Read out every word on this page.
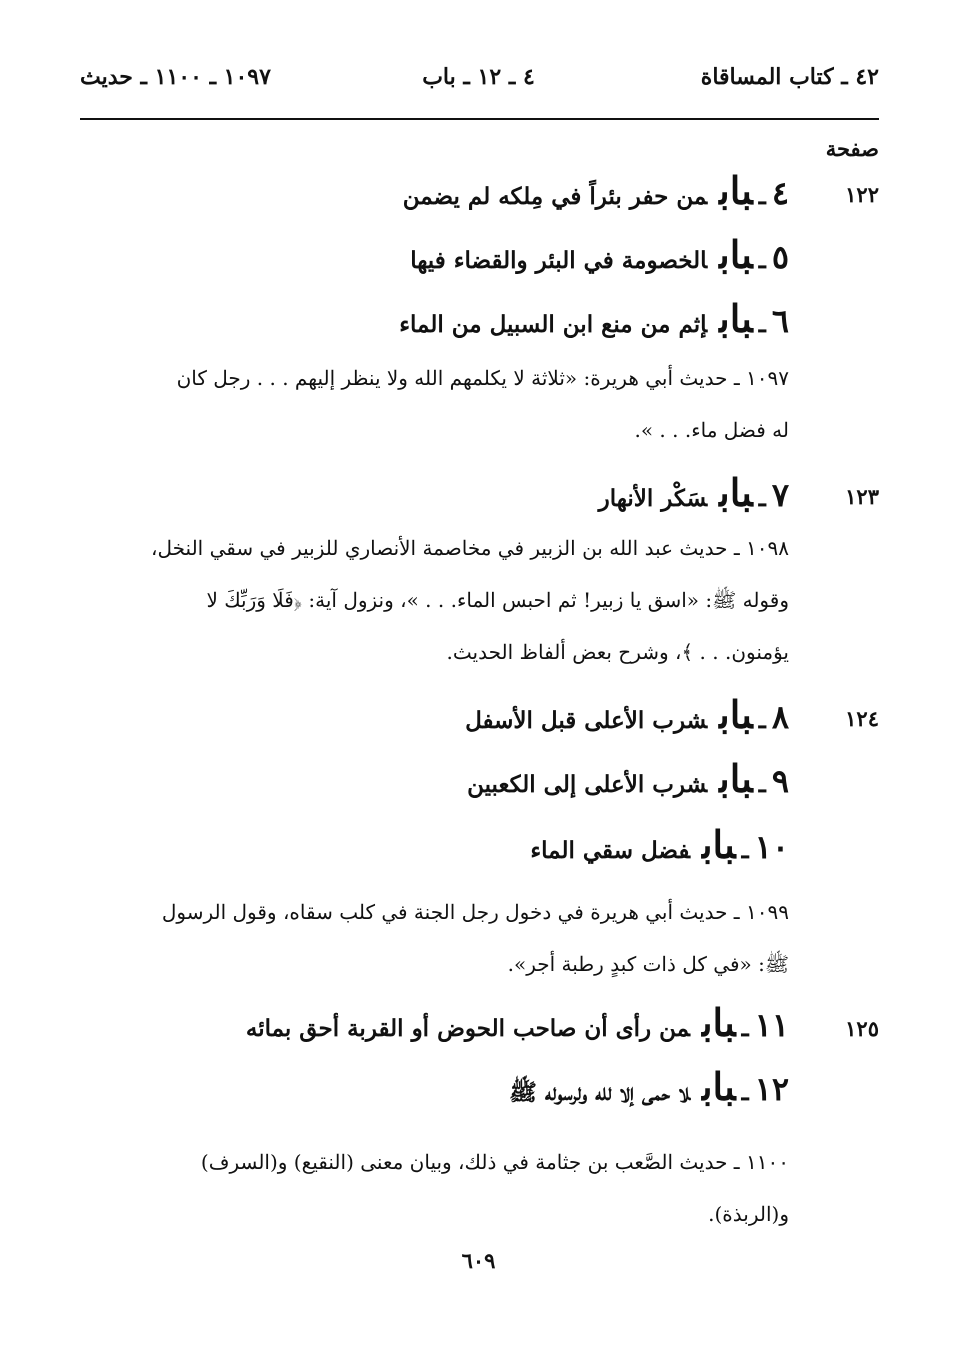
٤٢ ـ كتاب المساقاة
٤ ـ ١٢ ـ باب
١٠٩٧ ـ ١١٠٠ ـ حديث
صفحة
١٢٢
١٢٣
١٢٤
١٢٥
٤ـبابمن حفر بئراً في مِلكه لم يضمن
٥ـبابالخصومة في البئر والقضاء فيها
٦ـبابإثم من منع ابن السبيل من الماء
١٠٩٧ ـ حديث أبي هريرة: «ثلاثة لا يكلمهم الله ولا ينظر إليهم . . . رجل كان
له فضل ماء. . . ».
٧ـبابسَكْر الأنهار
١٠٩٨ ـ حديث عبد الله بن الزبير في مخاصمة الأنصاري للزبير في سقي النخل،
وقوله ﷺ: «اسق يا زبير! ثم احبس الماء. . . »، ونزول آية: ﴿فَلَا وَرَبِّكَ لا
يؤمنون. . . ﴾، وشرح بعض ألفاظ الحديث.
٨ـبابشرب الأعلى قبل الأسفل
٩ـبابشرب الأعلى إلى الكعبين
١٠ـبابفضل سقي الماء
١٠٩٩ ـ حديث أبي هريرة في دخول رجل الجنة في كلب سقاه، وقول الرسول
ﷺ: «في كل ذات كبدٍ رطبة أجر».
١١ـبابمن رأى أن صاحب الحوض أو القربة أحق بمائه
١٢ـبابلا حمى إلا لله ولرسوله ﷺ
١١٠٠ ـ حديث الصَّعب بن جثامة في ذلك، وبيان معنى (النقيع) و(السرف)
و(الربذة).
٦٠٩
